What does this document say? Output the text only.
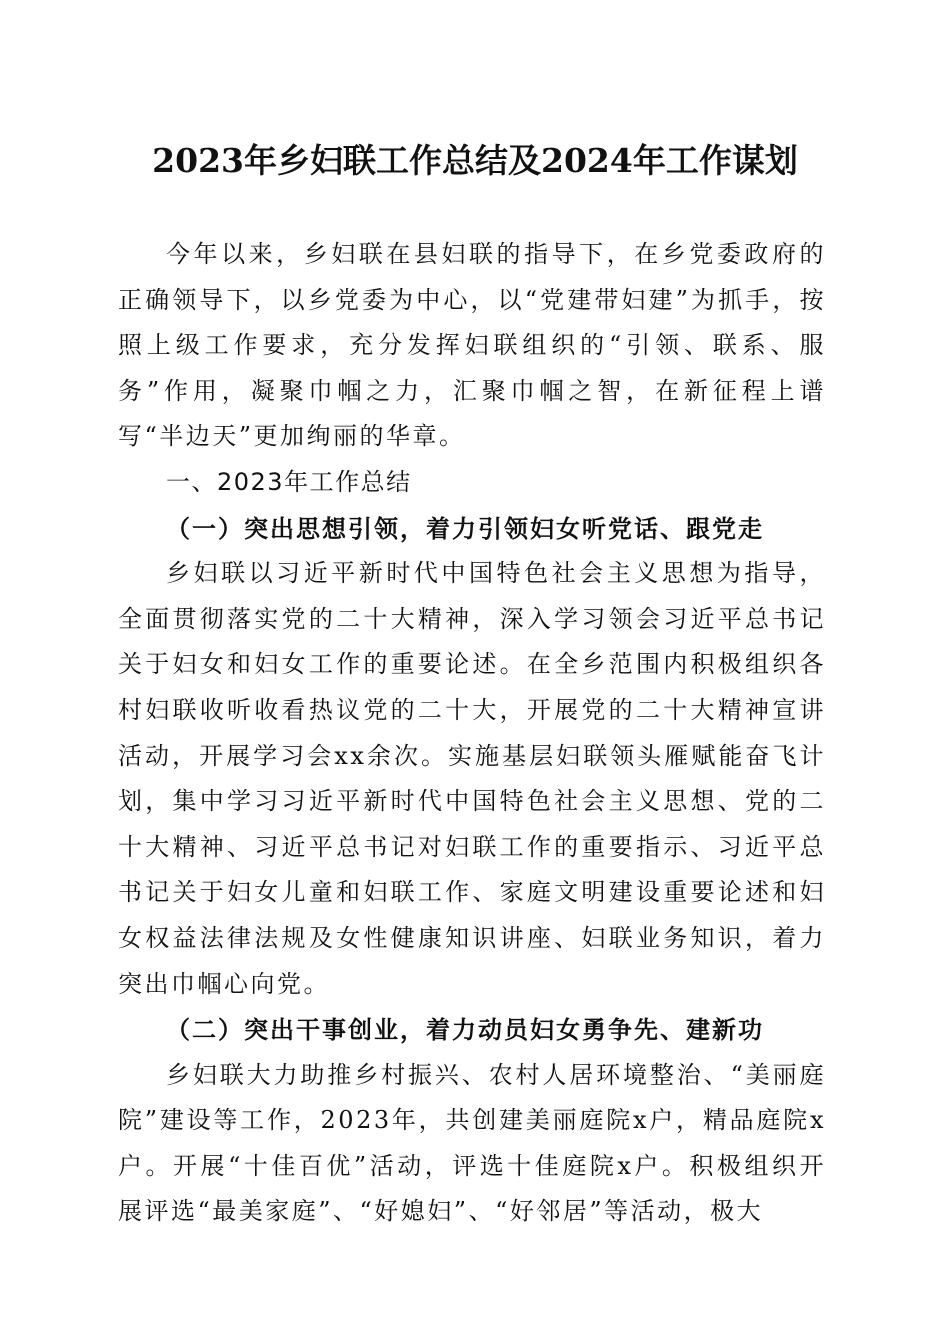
2023年乡妇联工作总结及2024年工作谋划

今年以来，乡妇联在县妇联的指导下，在乡党委政府的正确领导下，以乡党委为中心，以“党建带妇建”为抓手，按照上级工作要求，充分发挥妇联组织的“引领、联系、服务”作用，凝聚巾帼之力，汇聚巾帼之智，在新征程上谱写“半边天”更加绚丽的华章。

一、2023年工作总结

（一）突出思想引领，着力引领妇女听党话、跟党走

乡妇联以习近平新时代中国特色社会主义思想为指导，全面贯彻落实党的二十大精神，深入学习领会习近平总书记关于妇女和妇女工作的重要论述。在全乡范围内积极组织各村妇联收听收看热议党的二十大，开展党的二十大精神宣讲活动，开展学习会xx余次。实施基层妇联领头雁赋能奋飞计划，集中学习习近平新时代中国特色社会主义思想、党的二十大精神、习近平总书记对妇联工作的重要指示、习近平总书记关于妇女儿童和妇联工作、家庭文明建设重要论述和妇女权益法律法规及女性健康知识讲座、妇联业务知识，着力突出巾帼心向党。

（二）突出干事创业，着力动员妇女勇争先、建新功

乡妇联大力助推乡村振兴、农村人居环境整治、“美丽庭院”建设等工作，2023年，共创建美丽庭院x户，精品庭院x户。开展“十佳百优”活动，评选十佳庭院x户。积极组织开展评选“最美家庭”、“好媳妇”、“好邻居”等活动，极大
